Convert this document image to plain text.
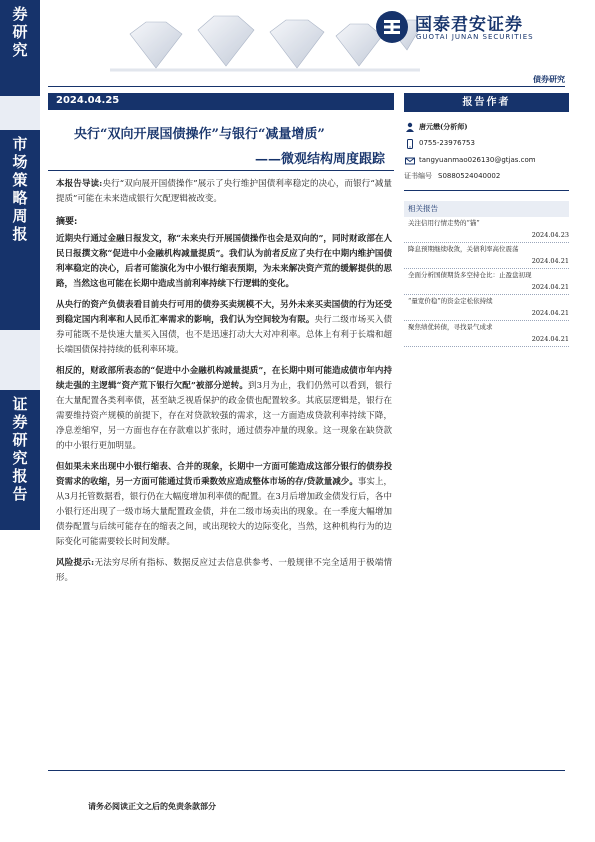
券研究
市场策略周报
证券研究报告
国泰君安证券
GUOTAI JUNAN SECURITIES
债券研究
2024.04.25
央行“双向开展国债操作”与银行“减量增质”
——微观结构周度跟踪
本报告导读:央行“双向展开国债操作”展示了央行维护国债利率稳定的决心，而银行“减量提质”可能在未来造成银行欠配逻辑被改变。
摘要:
近期央行通过金融日报发文，称“未来央行开展国债操作也会是双向的”，同时财政部在人民日报撰文称“促进中小金融机构减量提质”。我们认为前者反应了央行在中期内维护国债利率稳定的决心，后者可能演化为中小银行缩表预期，为未来解决资产荒的缓解提供的思路，当然这也可能在长期中造成当前利率持续下行逻辑的变化。
从央行的资产负债表看目前央行可用的债券买卖规模不大，另外未来买卖国债的行为还受到稳定国内利率和人民币汇率需求的影响，我们认为空间较为有限。央行二级市场买入债券可能既不是快速大量买入国债，也不是迅速打动大大对冲利率。总体上有利于长端和超长端国债保持持续的低利率环境。
相反的，财政部所表态的“促进中小金融机构减量提质”，在长期中则可能造成债市年内持续走强的主逻辑“资产荒下银行欠配”被部分逆转。到3月为止，我们仍然可以看到，银行在大量配置各类利率债，甚至缺乏视盾保护的政金债也配置较多。其底层逻辑是，银行在需要维持资产规模的前提下，存在对贷款较强的需求，这一方面造成贷款利率持续下降，净息差缩窄，另一方面也存在存款难以扩张时，通过债券冲量的现象。这一现象在缺贷款的中小银行更加明显。
但如果未来出现中小银行缩表、合并的现象，长期中一方面可能造成这部分银行的债券投资需求的收缩，另一方面可能通过货币乘数效应造成整体市场的存/贷款量减少。事实上，从3月托管数据看，银行仍在大幅度增加利率债的配置。在3月后增加政金债发行后，各中小银行还出现了一级市场大量配置政金债，并在二级市场卖出的现象。在一季度大幅增加债券配置与后续可能存在的缩表之间，或出现较大的边际变化，当然，这种机构行为的边际变化可能需要较长时间发酵。
风险提示:无法穷尽所有指标、数据反应过去信息供参考、一般规律不完全适用于极端情形。
报告作者
唐元懋(分析师)
0755-23976753
tangyuanmao026130@gtjas.com
证书编号 S0880524040002
相关报告
关注信用行情走势的“锚”
2024.04.23
降息预期继续收敛，关债利率高位震荡
2024.04.21
全面分析国债期货多空持仓比：止盈盘初现
2024.04.21
“量宽价稳”的资金定松依持续
2024.04.21
聚焦绩优转债，寻找景气成求
2024.04.21
请务必阅读正文之后的免责条款部分
